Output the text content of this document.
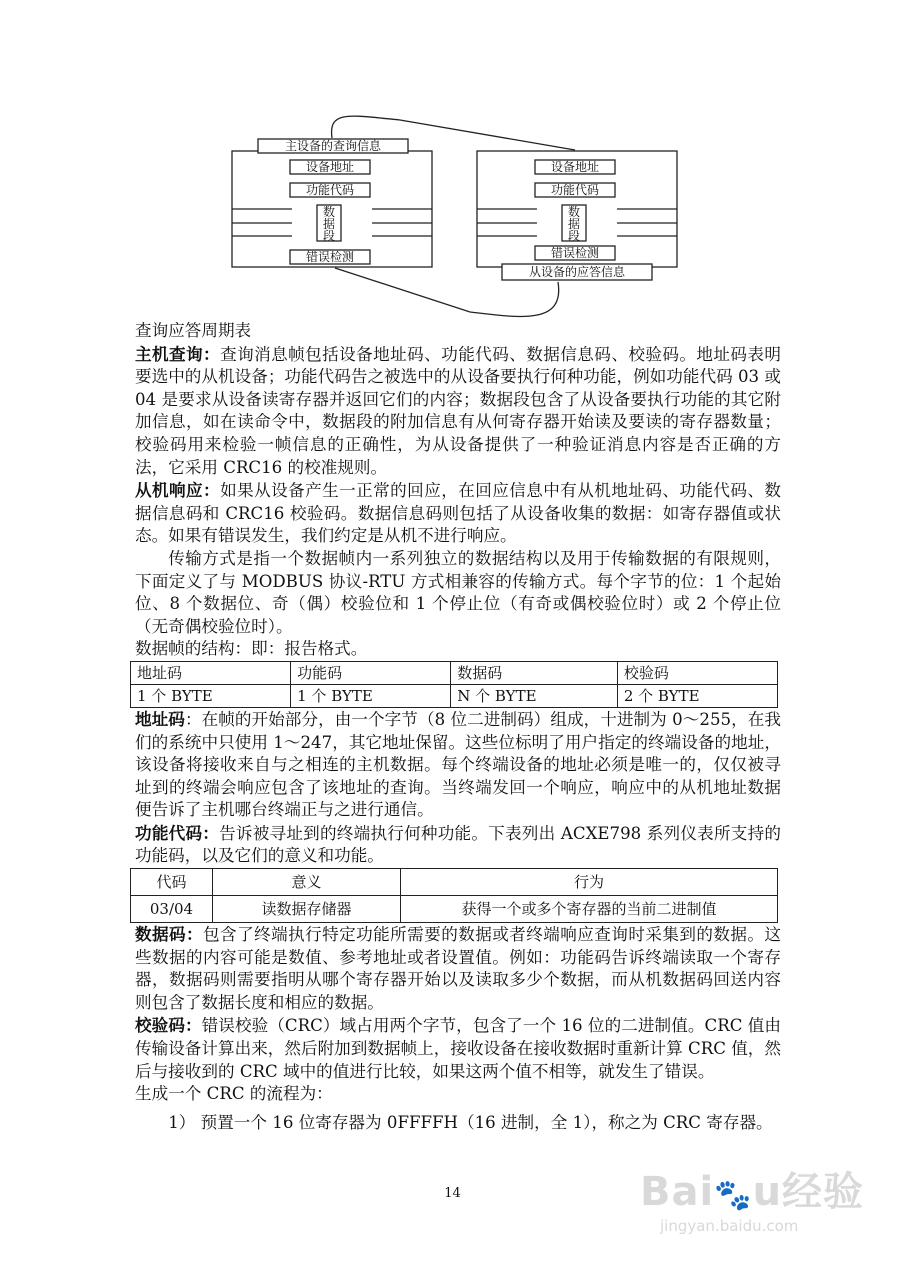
主设备的查询信息
设备地址
功能代码
数
据
段
错误检测
设备地址
功能代码
数
据
段
错误检测
从设备的应答信息

查询应答周期表

主机查询：查询消息帧包括设备地址码、功能代码、数据信息码、校验码。地址码表明要选中的从机设备；功能代码告之被选中的从设备要执行何种功能，例如功能代码 03 或 04 是要求从设备读寄存器并返回它们的内容；数据段包含了从设备要执行功能的其它附加信息，如在读命令中，数据段的附加信息有从何寄存器开始读及要读的寄存器数量；校验码用来检验一帧信息的正确性，为从设备提供了一种验证消息内容是否正确的方法，它采用 CRC16 的校准规则。

从机响应：如果从设备产生一正常的回应，在回应信息中有从机地址码、功能代码、数据信息码和 CRC16 校验码。数据信息码则包括了从设备收集的数据：如寄存器值或状态。如果有错误发生，我们约定是从机不进行响应。

传输方式是指一个数据帧内一系列独立的数据结构以及用于传输数据的有限规则，下面定义了与 MODBUS 协议-RTU 方式相兼容的传输方式。每个字节的位：1 个起始位、8 个数据位、奇（偶）校验位和 1 个停止位（有奇或偶校验位时）或 2 个停止位（无奇偶校验位时）。

数据帧的结构：即：报告格式。

地址码	功能码	数据码	校验码
1 个 BYTE	1 个 BYTE	N 个 BYTE	2 个 BYTE

地址码：在帧的开始部分，由一个字节（8 位二进制码）组成，十进制为 0～255，在我们的系统中只使用 1～247，其它地址保留。这些位标明了用户指定的终端设备的地址，该设备将接收来自与之相连的主机数据。每个终端设备的地址必须是唯一的，仅仅被寻址到的终端会响应包含了该地址的查询。当终端发回一个响应，响应中的从机地址数据便告诉了主机哪台终端正与之进行通信。

功能代码：告诉被寻址到的终端执行何种功能。下表列出 ACXE798 系列仪表所支持的功能码，以及它们的意义和功能。

代码	意义	行为
03/04	读数据存储器	获得一个或多个寄存器的当前二进制值

数据码：包含了终端执行特定功能所需要的数据或者终端响应查询时采集到的数据。这些数据的内容可能是数值、参考地址或者设置值。例如：功能码告诉终端读取一个寄存器，数据码则需要指明从哪个寄存器开始以及读取多少个数据，而从机数据码回送内容则包含了数据长度和相应的数据。

校验码：错误校验（CRC）域占用两个字节，包含了一个 16 位的二进制值。CRC 值由传输设备计算出来，然后附加到数据帧上，接收设备在接收数据时重新计算 CRC 值，然后与接收到的 CRC 域中的值进行比较，如果这两个值不相等，就发生了错误。

生成一个 CRC 的流程为：

1） 预置一个 16 位寄存器为 0FFFFH（16 进制，全 1），称之为 CRC 寄存器。

14	Bai🐾u经验
jingyan.baidu.com
